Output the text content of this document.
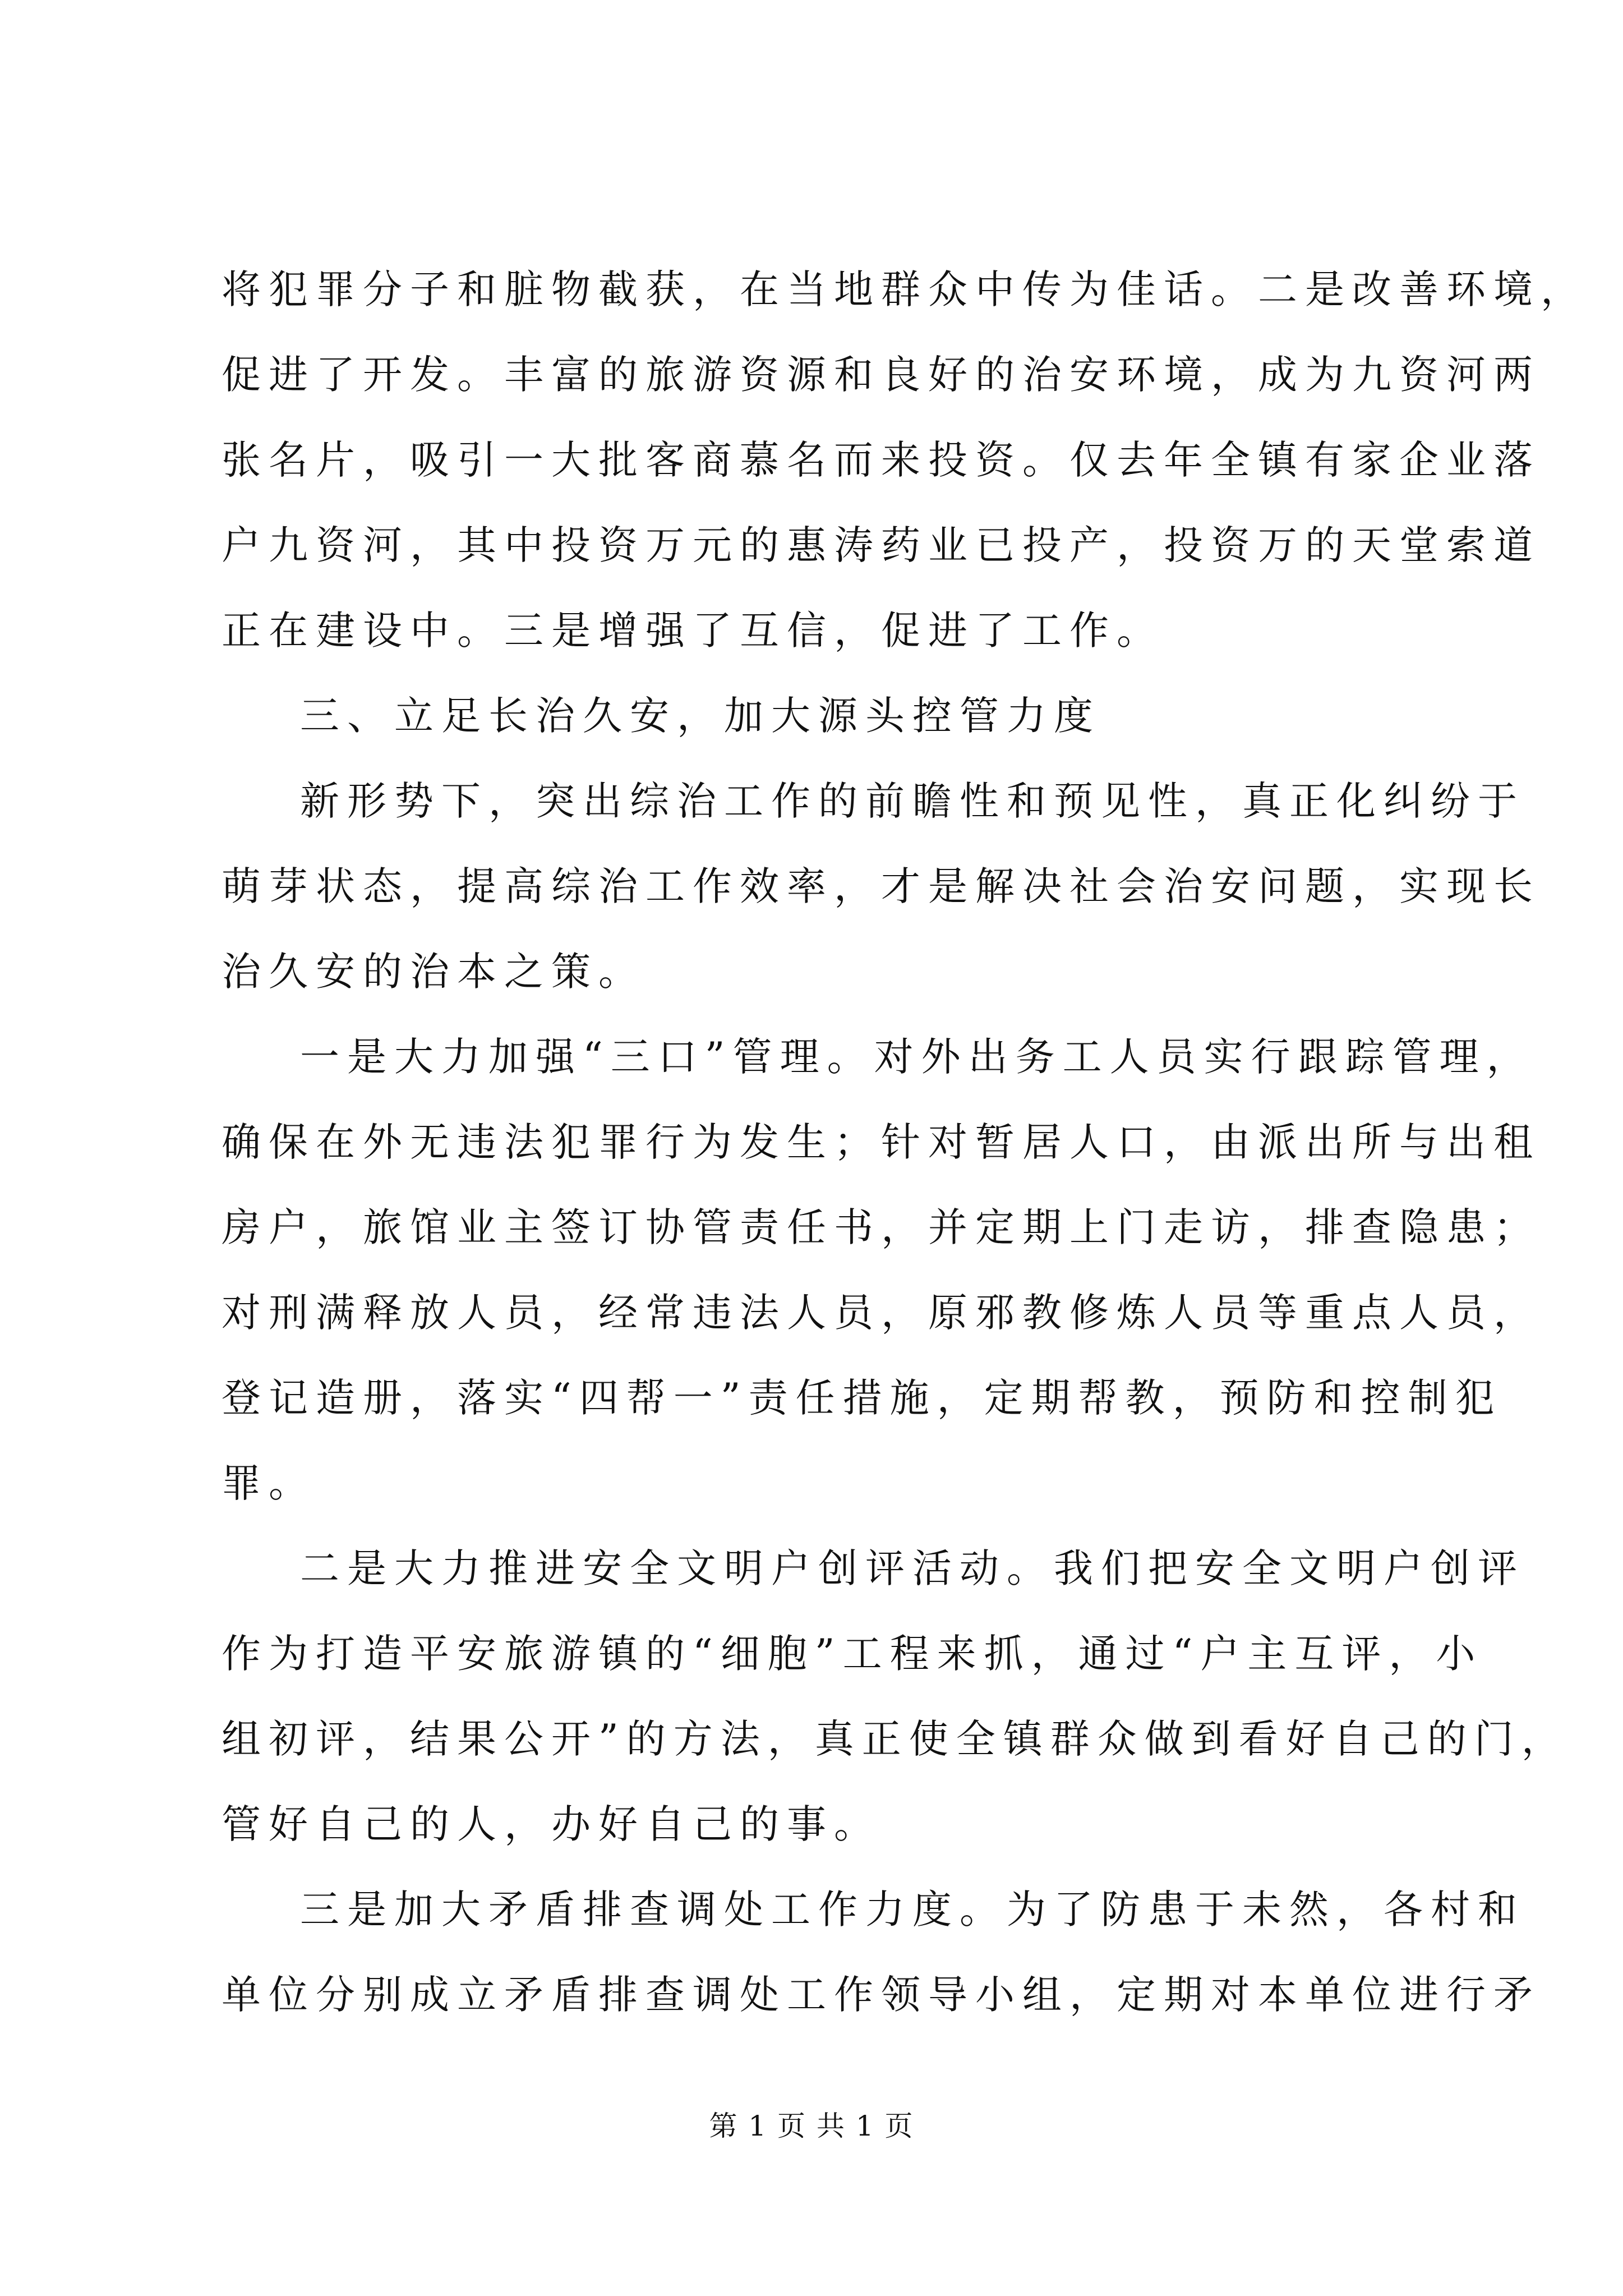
将犯罪分子和脏物截获，在当地群众中传为佳话。二是改善环境，

促进了开发。丰富的旅游资源和良好的治安环境，成为九资河两

张名片，吸引一大批客商慕名而来投资。仅去年全镇有家企业落

户九资河，其中投资万元的惠涛药业已投产，投资万的天堂索道

正在建设中。三是增强了互信，促进了工作。

三、立足长治久安，加大源头控管力度

新形势下，突出综治工作的前瞻性和预见性，真正化纠纷于

萌芽状态，提高综治工作效率，才是解决社会治安问题，实现长

治久安的治本之策。

一是大力加强“三口”管理。对外出务工人员实行跟踪管理，

确保在外无违法犯罪行为发生；针对暂居人口，由派出所与出租

房户，旅馆业主签订协管责任书，并定期上门走访，排查隐患；

对刑满释放人员，经常违法人员，原邪教修炼人员等重点人员，

登记造册，落实“四帮一”责任措施，定期帮教，预防和控制犯

罪。

二是大力推进安全文明户创评活动。我们把安全文明户创评

作为打造平安旅游镇的“细胞”工程来抓，通过“户主互评，小

组初评，结果公开”的方法，真正使全镇群众做到看好自己的门，

管好自己的人，办好自己的事。

三是加大矛盾排查调处工作力度。为了防患于未然，各村和

单位分别成立矛盾排查调处工作领导小组，定期对本单位进行矛

第 1 页 共 1 页
